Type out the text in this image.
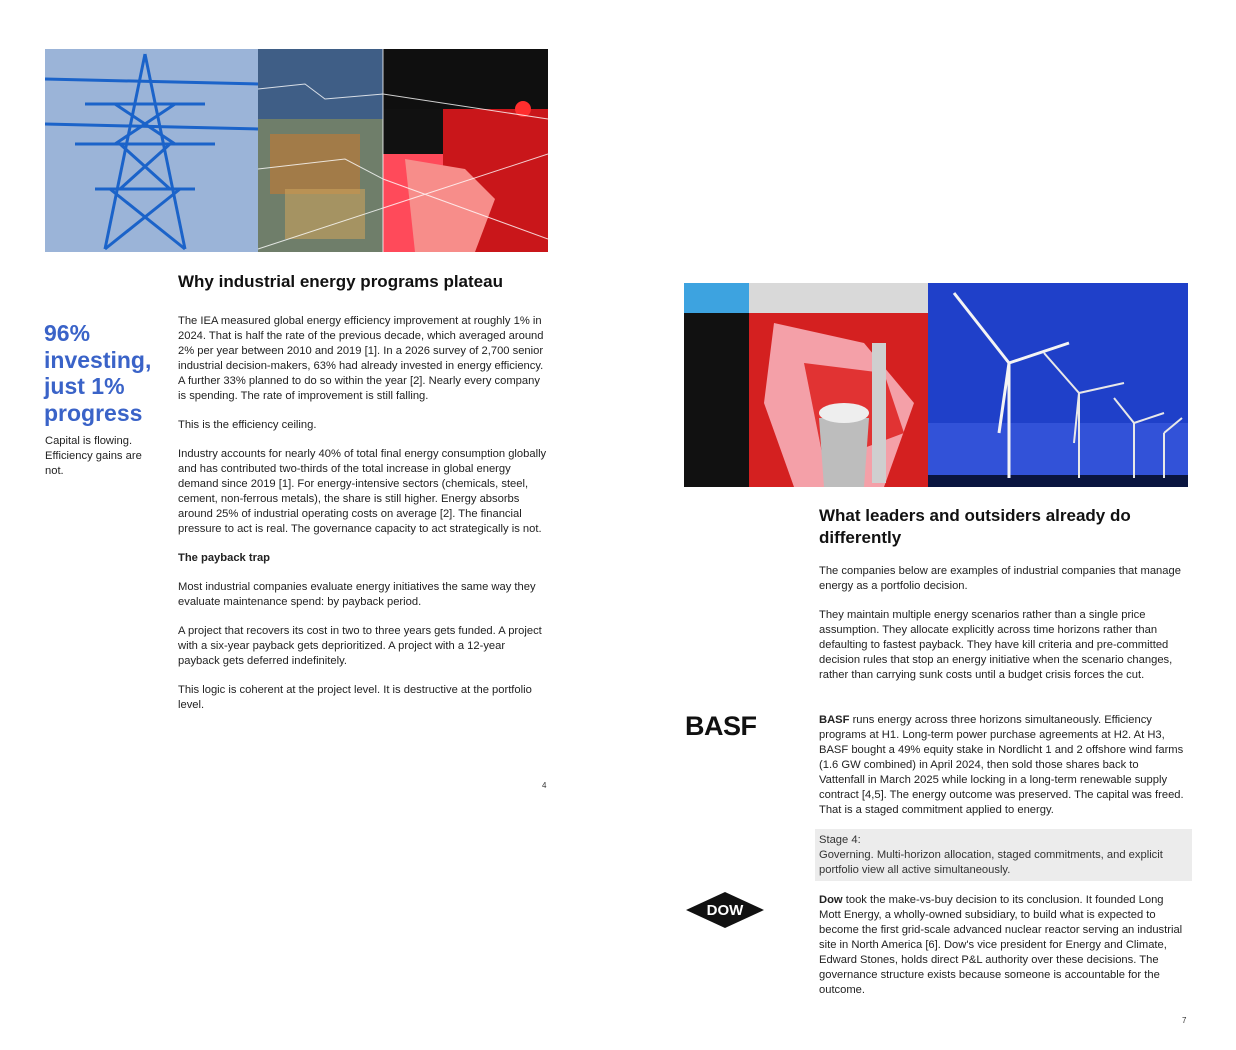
Why industrial energy programs plateau
96% investing, just 1% progress
Capital is flowing. Efficiency gains are not.

The IEA measured global energy efficiency improvement at roughly 1% in 2024. That is half the rate of the previous decade, which averaged around 2% per year between 2010 and 2019 [1]. In a 2026 survey of 2,700 senior industrial decision-makers, 63% had already invested in energy efficiency. A further 33% planned to do so within the year [2]. Nearly every company is spending. The rate of improvement is still falling.

This is the efficiency ceiling.

Industry accounts for nearly 40% of total final energy consumption globally and has contributed two-thirds of the total increase in global energy demand since 2019 [1]. For energy-intensive sectors (chemicals, steel, cement, non-ferrous metals), the share is still higher. Energy absorbs around 25% of industrial operating costs on average [2]. The financial pressure to act is real. The governance capacity to act strategically is not.

The payback trap

Most industrial companies evaluate energy initiatives the same way they evaluate maintenance spend: by payback period.

A project that recovers its cost in two to three years gets funded. A project with a six-year payback gets deprioritized. A project with a 12-year payback gets deferred indefinitely.

This logic is coherent at the project level. It is destructive at the portfolio level.

4
What leaders and outsiders already do differently

The companies below are examples of industrial companies that manage energy as a portfolio decision.

They maintain multiple energy scenarios rather than a single price assumption. They allocate explicitly across time horizons rather than defaulting to fastest payback. They have kill criteria and pre-committed decision rules that stop an energy initiative when the scenario changes, rather than carrying sunk costs until a budget crisis forces the cut.

BASF	BASF runs energy across three horizons simultaneously. Efficiency programs at H1. Long-term power purchase agreements at H2. At H3, BASF bought a 49% equity stake in Nordlicht 1 and 2 offshore wind farms (1.6 GW combined) in April 2024, then sold those shares back to Vattenfall in March 2025 while locking in a long-term renewable supply contract [4,5]. The energy outcome was preserved. The capital was freed. That is a staged commitment applied to energy.

Stage 4:
Governing. Multi-horizon allocation, staged commitments, and explicit portfolio view all active simultaneously.
DOW

Dow took the make-vs-buy decision to its conclusion. It founded Long Mott Energy, a wholly-owned subsidiary, to build what is expected to become the first grid-scale advanced nuclear reactor serving an industrial site in North America [6]. Dow's vice president for Energy and Climate, Edward Stones, holds direct P&L authority over these decisions. The governance structure exists because someone is accountable for the outcome.

7
